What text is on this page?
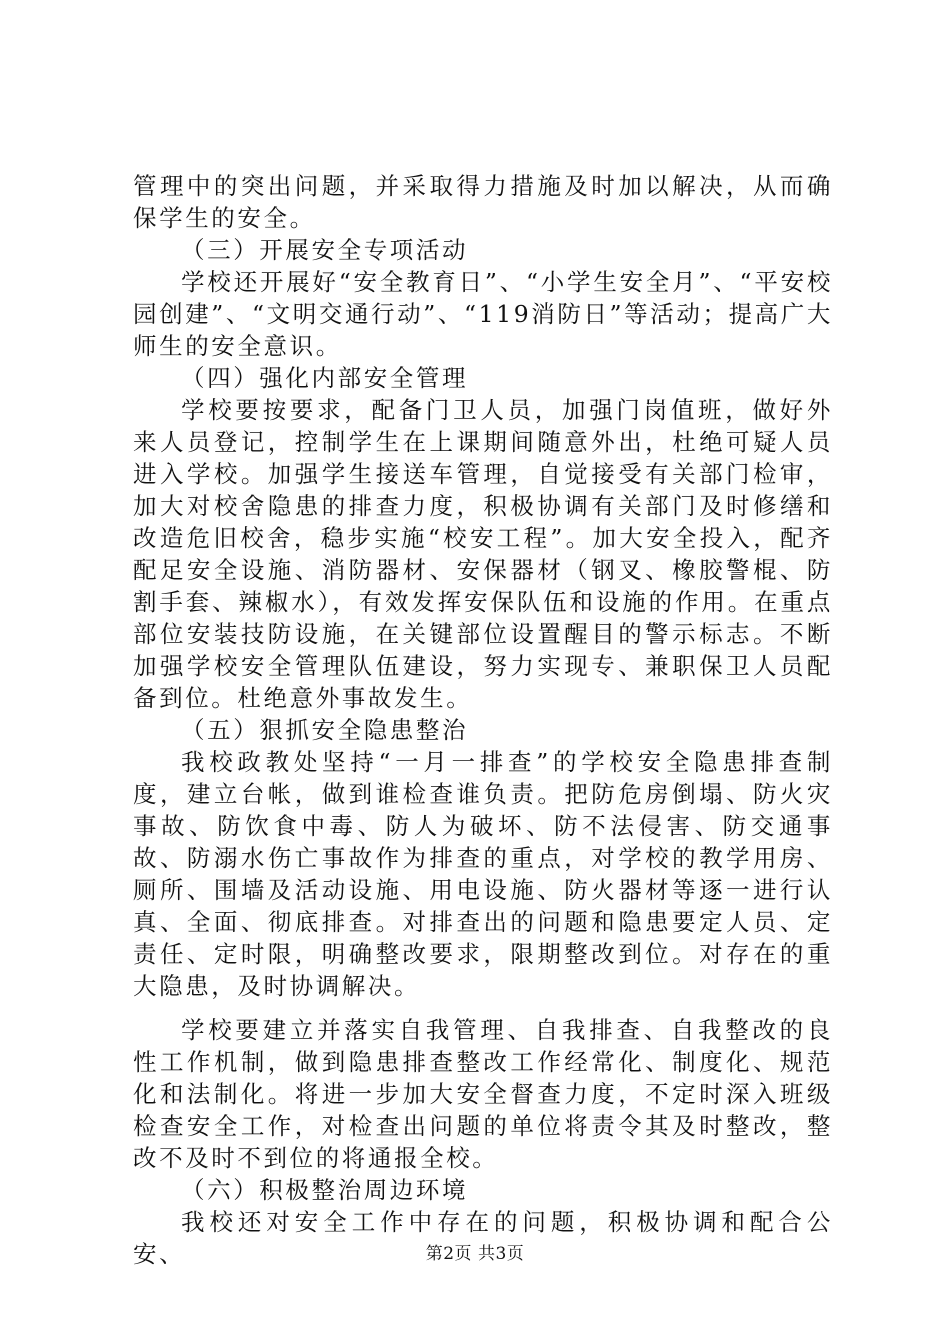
管理中的突出问题，并采取得力措施及时加以解决，从而确保学生的安全。

（三）开展安全专项活动

学校还开展好“安全教育日”、“小学生安全月”、“平安校园创建”、“文明交通行动”、“119消防日”等活动；提高广大师生的安全意识。

（四）强化内部安全管理

学校要按要求，配备门卫人员，加强门岗值班，做好外来人员登记，控制学生在上课期间随意外出，杜绝可疑人员进入学校。加强学生接送车管理，自觉接受有关部门检审，加大对校舍隐患的排查力度，积极协调有关部门及时修缮和改造危旧校舍，稳步实施“校安工程”。加大安全投入，配齐配足安全设施、消防器材、安保器材（钢叉、橡胶警棍、防割手套、辣椒水），有效发挥安保队伍和设施的作用。在重点部位安装技防设施，在关键部位设置醒目的警示标志。不断加强学校安全管理队伍建设，努力实现专、兼职保卫人员配备到位。杜绝意外事故发生。

（五）狠抓安全隐患整治

我校政教处坚持“一月一排查”的学校安全隐患排查制度，建立台帐，做到谁检查谁负责。把防危房倒塌、防火灾事故、防饮食中毒、防人为破坏、防不法侵害、防交通事故、防溺水伤亡事故作为排查的重点，对学校的教学用房、厕所、围墙及活动设施、用电设施、防火器材等逐一进行认真、全面、彻底排查。对排查出的问题和隐患要定人员、定责任、定时限，明确整改要求，限期整改到位。对存在的重大隐患，及时协调解决。

学校要建立并落实自我管理、自我排查、自我整改的良性工作机制，做到隐患排查整改工作经常化、制度化、规范化和法制化。将进一步加大安全督查力度，不定时深入班级检查安全工作，对检查出问题的单位将责令其及时整改，整改不及时不到位的将通报全校。

（六）积极整治周边环境

我校还对安全工作中存在的问题，积极协调和配合公安、	第2页 共3页
